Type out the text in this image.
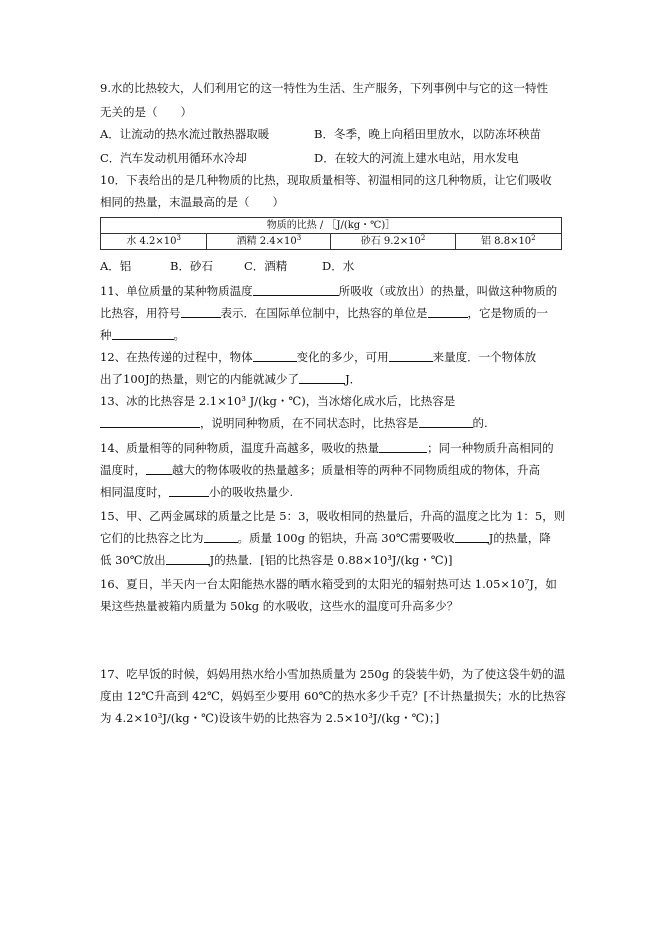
9.水的比热较大，人们利用它的这一特性为生活、生产服务，下列事例中与它的这一特性
无关的是（　　）
A．让流动的热水流过散热器取暖	B．冬季，晚上向稻田里放水，以防冻坏秧苗
C．汽车发动机用循环水冷却	D．在较大的河流上建水电站，用水发电
10．下表给出的是几种物质的比热，现取质量相等、初温相同的这几种物质，让它们吸收
相同的热量，末温最高的是（　　）
物质的比热 / ［J/(kg・℃)］
水 $4.2\times 10^3$	酒精 $2.4\times 10^3$	砂石 $9.2\times 10^2$	铝 $8.8\times 10^2$
A．铝	B．砂石	C．酒精	D．水
11、单位质量的某种物质温度	所吸收（或放出）的热量，叫做这种物质的
比热容，用符号	表示．在国际单位制中，比热容的单位是	，它是物质的一
种	。
12、在热传递的过程中，物体	变化的多少，可用	来量度．一个物体放
出了100J的热量，则它的内能就减少了	J．
13、冰的比热容是 2.1×10³ J/(kg・℃)，当冰熔化成水后，比热容是
，说明同种物质，在不同状态时，比热容是	的.
14、质量相等的同种物质，温度升高越多，吸收的热量	；同一种物质升高相同的
温度时， 越大的物体吸收的热量越多；质量相等的两种不同物质组成的物体，升高
相同温度时，	小的吸收热量少.
15、甲、乙两金属球的质量之比是 5：3，吸收相同的热量后，升高的温度之比为 1：5，则
它们的比热容之比为	。质量 100g 的铝块，升高 30℃需要吸收	J的热量，降
低 30℃放出	J的热量．[铝的比热容是 0.88×10³J/(kg・℃)]
16、夏日，半天内一台太阳能热水器的晒水箱受到的太阳光的辐射热可达 1.05×10⁷J，如
果这些热量被箱内质量为 50kg 的水吸收，这些水的温度可升高多少？
17、吃早饭的时候，妈妈用热水给小雪加热质量为 250g 的袋装牛奶，为了使这袋牛奶的温
度由 12℃升高到 42℃，妈妈至少要用 60℃的热水多少千克？[不计热量损失；水的比热容
为 4.2×10³J/(kg・℃)设该牛奶的比热容为 2.5×10³J/(kg・℃)；]
